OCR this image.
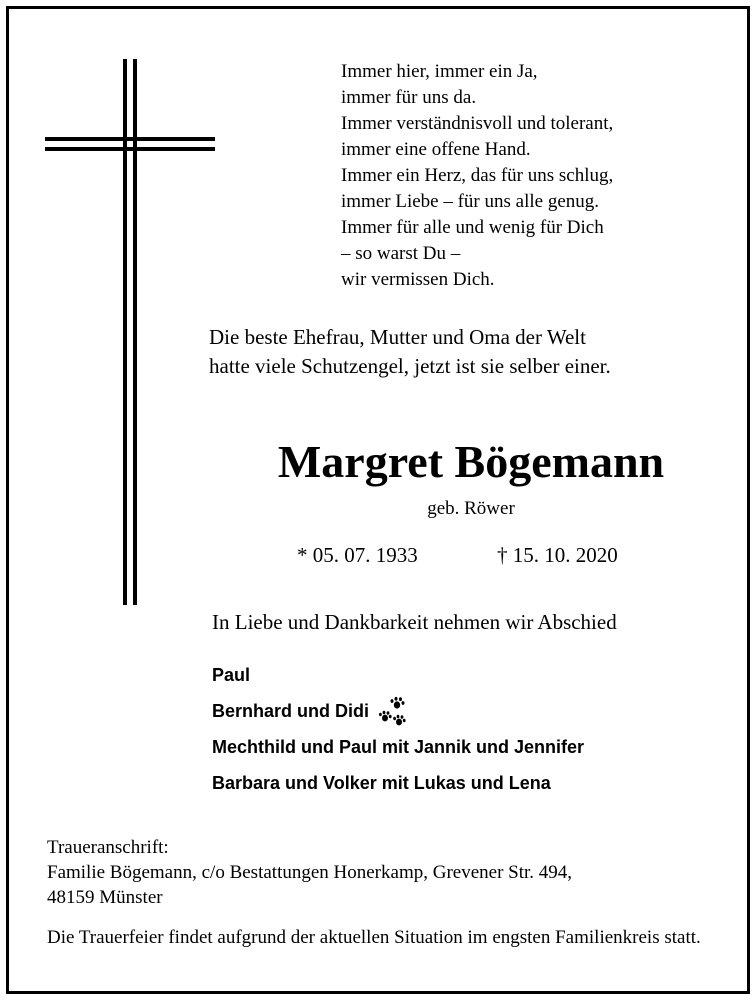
Immer hier, immer ein Ja,
immer für uns da.
Immer verständnisvoll und tolerant,
immer eine offene Hand.
Immer ein Herz, das für uns schlug,
immer Liebe – für uns alle genug.
Immer für alle und wenig für Dich
– so warst Du –
wir vermissen Dich.
Die beste Ehefrau, Mutter und Oma der Welt
hatte viele Schutzengel, jetzt ist sie selber einer.
Margret Bögemann
geb. Röwer
* 05. 07. 1933	† 15. 10. 2020
In Liebe und Dankbarkeit nehmen wir Abschied
Paul
Bernhard und Didi
Mechthild und Paul mit Jannik und Jennifer
Barbara und Volker mit Lukas und Lena
Traueranschrift:
Familie Bögemann, c/o Bestattungen Honerkamp, Grevener Str. 494,
48159 Münster
Die Trauerfeier findet aufgrund der aktuellen Situation im engsten Familienkreis statt.
